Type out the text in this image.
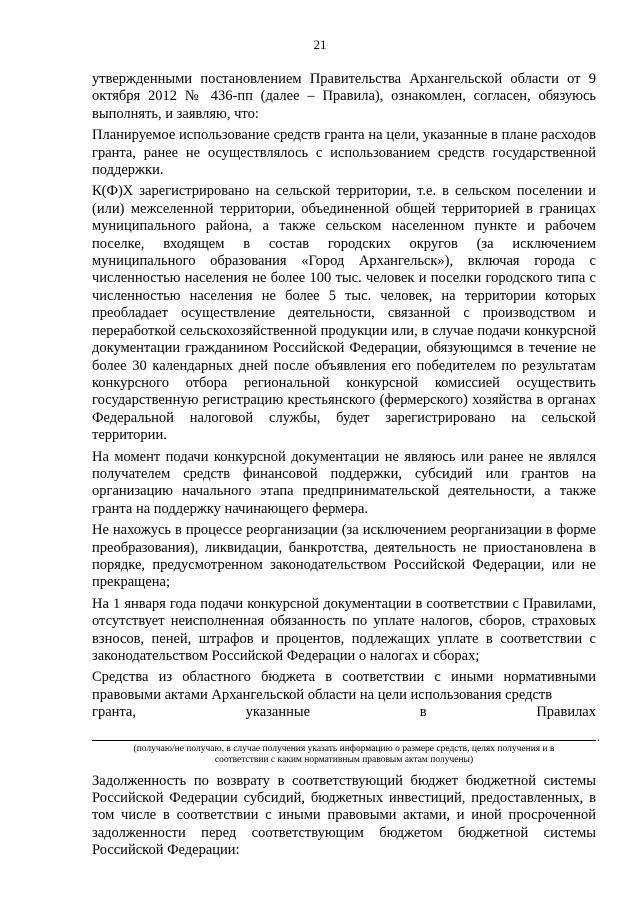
21

утвержденными постановлением Правительства Архангельской области от 9 октября 2012 № 436-пп (далее – Правила), ознакомлен, согласен, обязуюсь выполнять, и заявляю, что:

Планируемое использование средств гранта на цели, указанные в плане расходов гранта, ранее не осуществлялось с использованием средств государственной поддержки.

К(Ф)Х зарегистрировано на сельской территории, т.е. в сельском поселении и (или) межселенной территории, объединенной общей территорией в границах муниципального района, а также сельском населенном пункте и рабочем поселке, входящем в состав городских округов (за исключением муниципального образования «Город Архангельск»), включая города с численностью населения не более 100 тыс. человек и поселки городского типа с численностью населения не более 5 тыс. человек, на территории которых преобладает осуществление деятельности, связанной с производством и переработкой сельскохозяйственной продукции или, в случае подачи конкурсной документации гражданином Российской Федерации, обязующимся в течение не более 30 календарных дней после объявления его победителем по результатам конкурсного отбора региональной конкурсной комиссией осуществить государственную регистрацию крестьянского (фермерского) хозяйства в органах Федеральной налоговой службы, будет зарегистрировано на сельской территории.

На момент подачи конкурсной документации не являюсь или ранее не являлся получателем средств финансовой поддержки, субсидий или грантов на организацию начального этапа предпринимательской деятельности, а также гранта на поддержку начинающего фермера.

Не нахожусь в процессе реорганизации (за исключением реорганизации в форме преобразования), ликвидации, банкротства, деятельность не приостановлена в порядке, предусмотренном законодательством Российской Федерации, или не прекращена;

На 1 января года подачи конкурсной документации в соответствии с Правилами, отсутствует неисполненная обязанность по уплате налогов, сборов, страховых взносов, пеней, штрафов и процентов, подлежащих уплате в соответствии с законодательством Российской Федерации о налогах и сборах;

Средства из областного бюджета в соответствии с иными нормативными правовыми актами Архангельской области на цели использования средств

гранта,	указанные	в	Правилах
.
(получаю/не получаю, в случае получения указать информацию о размере средств, целях получения и в соответствии с каким нормативным правовым актам получены)

Задолженность по возврату в соответствующий бюджет бюджетной системы Российской Федерации субсидий, бюджетных инвестиций, предоставленных, в том числе в соответствии с иными правовыми актами, и иной просроченной задолженности перед соответствующим бюджетом бюджетной системы Российской Федерации:
